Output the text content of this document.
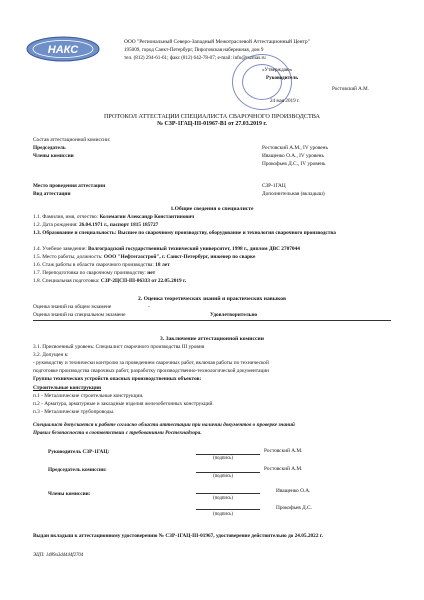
НАКС
ООО "Региональный Северо-Западный Межотраслевой Аттестационный Центр"
195009, город Санкт-Петербург, Пироговская набережная, дом 9
тел. (812) 294-61-61; факс (812) 642-78-07; e-mail: info@rszmas.ru
«Утверждаю»
Руководитель
Ростовский А.М.
24 мая 2019 г.
ПРОТОКОЛ АТТЕСТАЦИИ СПЕЦИАЛИСТА СВАРОЧНОГО ПРОИЗВОДСТВА
№ СЗР-1ГАЦ-III-01967-В1 от 27.03.2019 г.
Состав аттестационной комиссии:
Председатель	Ростовский А.М., IV уровень
Члены комиссии	Иващенко О.А., IV уровень
Прокофьев Д.С., IV уровень
Место проведения аттестации	СЗР-1ГАЦ
Вид аттестации	Дополнительная (вкладыш)
1.Общие сведения о специалисте
1.1. Фамилия, имя, отчество: Колемагин Александр Константинович
1.2. Дата рождения: 26.04.1971 г., паспорт 1815 185727
1.3. Образование и специальность: Высшее по сварочному производству, оборудование и технология сварочного производства
1.4. Учебное заведение: Волгоградский государственный технический университет, 1998 г., диплом ДВС 2707044
1.5. Место работы, должность: ООО "Нефтегазстрой", г. Санкт-Петербург, инженер по сварке
1.6. Стаж работы в области сварочного производства: 18 лет
1.7. Переподготовка по сварочному производству: нет
1.8. Специальная подготовка: СЗР-2ЦСП-III-06333 от 22.05.2019 г.
2. Оценка теоретических знаний и практических навыков
Оценка знаний на общем экзамене	-
Оценка знаний на специальном экзамене	Удовлетворительно
3. Заключение аттестационной комиссии
3.1. Присвоенный уровень: Специалист сварочного производства III уровня
3.2. Допущен к:
- руководству и технически контролю за проведением сварочных работ, включая работы по технической
подготовке производства сварочных работ, разработку производственно-технологической документации
Группы технических устройств опасных производственных объектов:
Строительные конструкции
п.1 - Металлические строительные конструкции.
п.2 - Арматура, арматурные и закладные изделия железобетонных конструкций.
п.3 - Металлические трубопроводы.
Специалист допускается к работе согласно области аттестации при наличии документов о проверке знаний
Правил безопасности в соответствии с требованиями Ростехнадзора.
Руководитель СЗР-1ГАЦ:	Ростовский А.М.
(подпись)
Председатель комиссии:	Ростовский А.М.
(подпись)
Члены комиссии:	Иващенко О.А.
(подпись)
Прокофьев Д.С.
(подпись)
Выдан вкладыш к аттестационному удостоверению № СЗР-1ГАЦ-III-01967, удостоверение действительно до 24.05.2022 г.
ЭЦП: 1489a3dd444f2704
